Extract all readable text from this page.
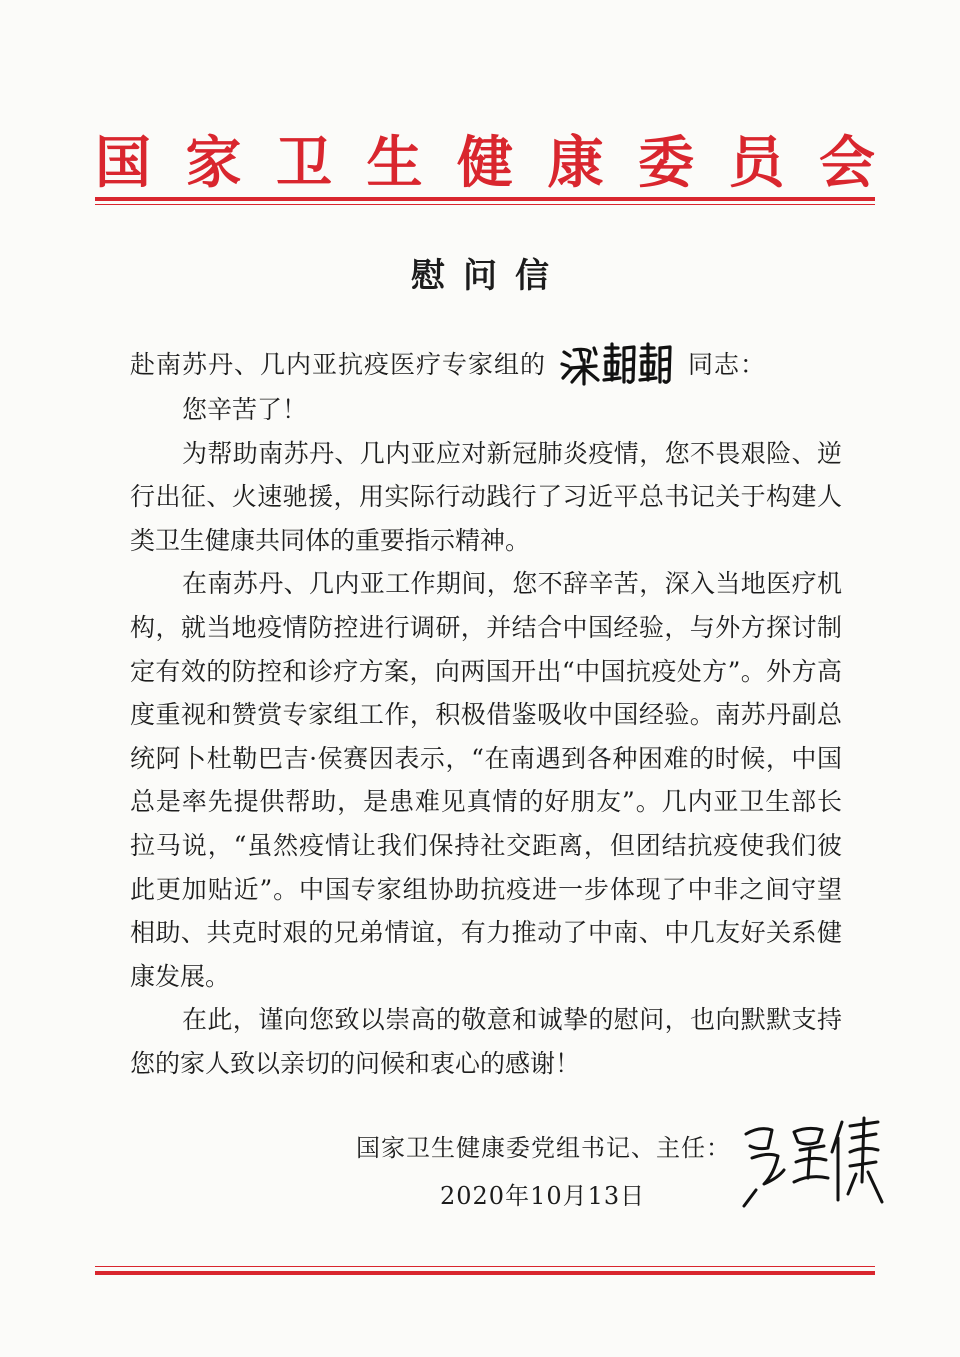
国 家 卫 生 健 康 委 员 会
慰问信
赴南苏丹、几内亚抗疫医疗专家组的	同志：

您辛苦了！

为帮助南苏丹、几内亚应对新冠肺炎疫情，您不畏艰险、逆行出征、火速驰援，用实际行动践行了习近平总书记关于构建人类卫生健康共同体的重要指示精神。

在南苏丹、几内亚工作期间，您不辞辛苦，深入当地医疗机构，就当地疫情防控进行调研，并结合中国经验，与外方探讨制定有效的防控和诊疗方案，向两国开出“中国抗疫处方”。外方高度重视和赞赏专家组工作，积极借鉴吸收中国经验。南苏丹副总统阿卜杜勒巴吉·侯赛因表示，“在南遇到各种困难的时候，中国总是率先提供帮助，是患难见真情的好朋友”。几内亚卫生部长拉马说，“虽然疫情让我们保持社交距离，但团结抗疫使我们彼此更加贴近”。中国专家组协助抗疫进一步体现了中非之间守望相助、共克时艰的兄弟情谊，有力推动了中南、中几友好关系健康发展。

在此，谨向您致以崇高的敬意和诚挚的慰问，也向默默支持您的家人致以亲切的问候和衷心的感谢！

国家卫生健康委党组书记、主任：
2020年10月13日
